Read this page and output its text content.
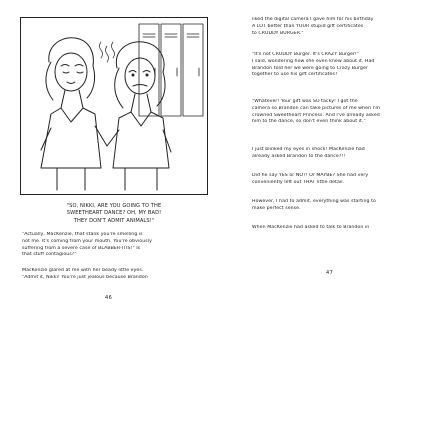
"SO, NIKKI, ARE YOU GOING TO THE
SWEETHEART DANCE? OH, MY BAD!
THEY DON'T ADMIT ANIMALS!"

"Actually, MacKenzie, that stank you're smelling is
not me. It's coming from your mouth. You're obviously
suffering from a severe case of BLABBER-ITIS!" Is
that stuff contagious?"

MacKenzie glared at me with her beady little eyes.
"Admit it, Nikki! You're just jealous because Brandon

46

liked the digital camera I gave him for his birthday
A LOT better than YOUR stupid gift certificates
to CRUDDY BURGER."

"It's not CRUDDY Burger. It's CRAZY Burger!"
I said, wondering how she even knew about it. Had
Brandon told her we were going to Crazy Burger
together to use his gift certificates?

"Whatever! Your gift was SO tacky! I got the
camera so Brandon can take pictures of me when I'm
crowned Sweetheart Princess. And I've already asked
him to the dance, so don't even think about it."

I just blinked my eyes in shock! MacKenzie had
already asked Brandon to the dance?!!

Did he say YES or NO?! Or MAYBE? She had very
conveniently left out THAT little detail.

However, I had to admit, everything was starting to
make perfect sense.

When MacKenzie had asked to talk to Brandon in

47
